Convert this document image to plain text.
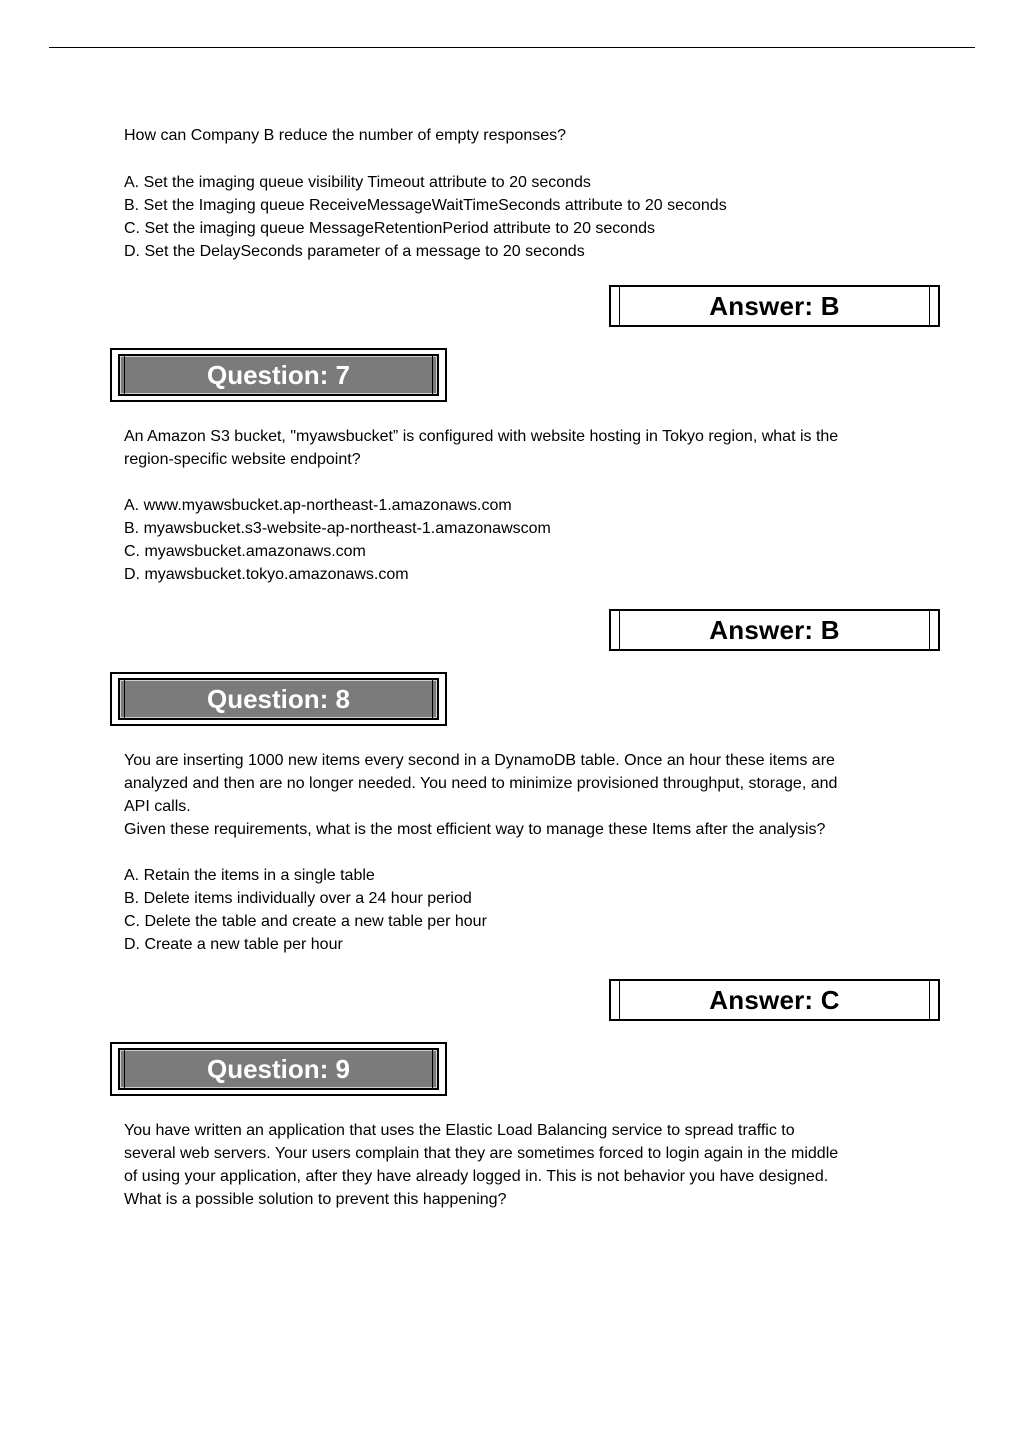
How can Company B reduce the number of empty responses?

A. Set the imaging queue visibility Timeout attribute to 20 seconds
B. Set the Imaging queue ReceiveMessageWaitTimeSeconds attribute to 20 seconds
C. Set the imaging queue MessageRetentionPeriod attribute to 20 seconds
D. Set the DelaySeconds parameter of a message to 20 seconds

Answer: B
Question: 7

An Amazon S3 bucket, "myawsbucket” is configured with website hosting in Tokyo region, what is the
region-specific website endpoint?

A. www.myawsbucket.ap-northeast-1.amazonaws.com
B. myawsbucket.s3-website-ap-northeast-1.amazonawscom
C. myawsbucket.amazonaws.com
D. myawsbucket.tokyo.amazonaws.com

Answer: B
Question: 8

You are inserting 1000 new items every second in a DynamoDB table. Once an hour these items are
analyzed and then are no longer needed. You need to minimize provisioned throughput, storage, and
API calls.
Given these requirements, what is the most efficient way to manage these Items after the analysis?

A. Retain the items in a single table
B. Delete items individually over a 24 hour period
C. Delete the table and create a new table per hour
D. Create a new table per hour

Answer: C
Question: 9

You have written an application that uses the Elastic Load Balancing service to spread traffic to
several web servers. Your users complain that they are sometimes forced to login again in the middle
of using your application, after they have already logged in. This is not behavior you have designed.
What is a possible solution to prevent this happening?
